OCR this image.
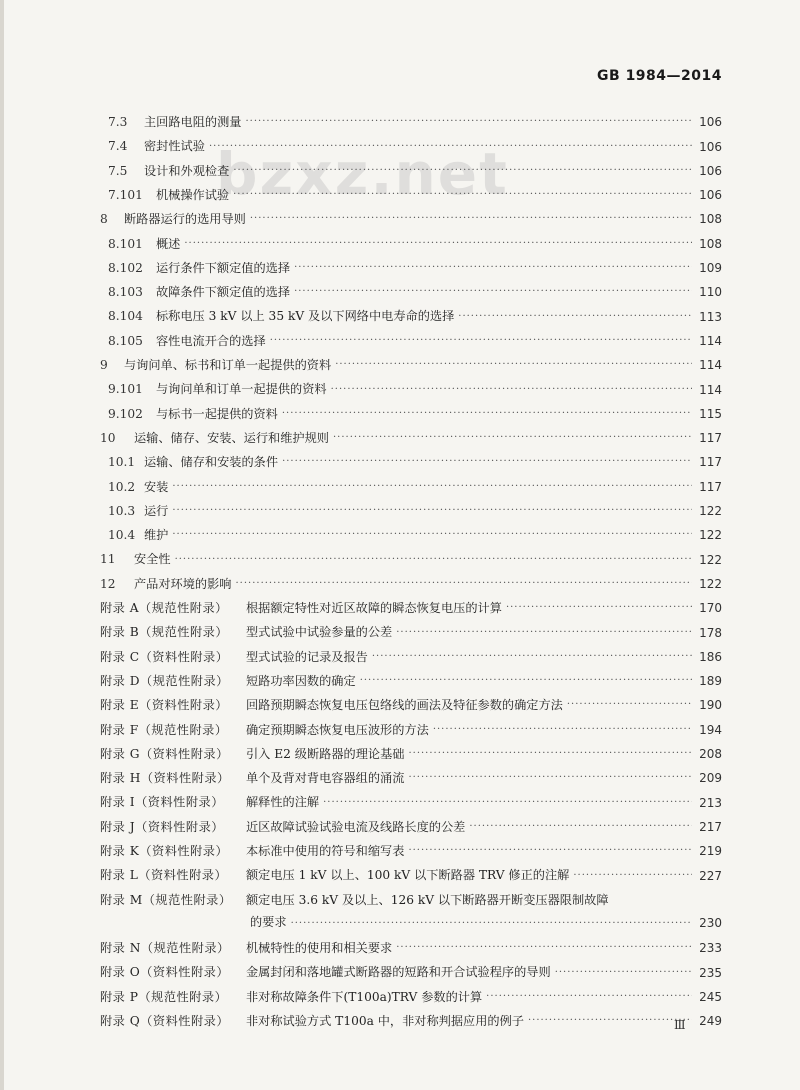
GB 1984—2014
bzxz.net
7.3	主回路电阻的测量 ·····	106
7.4	密封性试验 ·····	106
7.5	设计和外观检查 ·····	106
7.101	机械操作试验 ·····	106
8	断路器运行的选用导则 ·····	108
8.101	概述 ·····	108
8.102	运行条件下额定值的选择 ·····	109
8.103	故障条件下额定值的选择 ·····	110
8.104	标称电压 3 kV 以上 35 kV 及以下网络中电寿命的选择 ·····	113
8.105	容性电流开合的选择 ·····	114
9	与询问单、标书和订单一起提供的资料 ·····	114
9.101	与询问单和订单一起提供的资料 ·····	114
9.102	与标书一起提供的资料 ·····	115
10	运输、储存、安装、运行和维护规则 ·····	117
10.1 运输、储存和安装的条件 ·····	117
10.2 安装 ·····	117
10.3 运行 ·····	122
10.4 维护 ·····	122
11	安全性 ·····	122
12	产品对环境的影响 ·····	122
附录 A（规范性附录）	根据额定特性对近区故障的瞬态恢复电压的计算 ·····	170
附录 B（规范性附录）	型式试验中试验参量的公差 ·····	178
附录 C（资料性附录）	型式试验的记录及报告 ·····	186
附录 D（规范性附录）	短路功率因数的确定 ·····	189
附录 E（资料性附录）	回路预期瞬态恢复电压包络线的画法及特征参数的确定方法 ·····	190
附录 F（规范性附录）	确定预期瞬态恢复电压波形的方法 ·····	194
附录 G（资料性附录）	引入 E2 级断路器的理论基础 ·····	208
附录 H（资料性附录）	单个及背对背电容器组的涌流 ·····	209
附录 I（资料性附录）	解释性的注解 ·····	213
附录 J（资料性附录）	近区故障试验试验电流及线路长度的公差 ·····	217
附录 K（资料性附录）	本标准中使用的符号和缩写表 ·····	219
附录 L（资料性附录）	额定电压 1 kV 以上、100 kV 以下断路器 TRV 修正的注解 ·····	227
附录 M（规范性附录）	额定电压 3.6 kV 及以上、126 kV 以下断路器开断变压器限制故障
的要求 ·····	230
附录 N（规范性附录）	机械特性的使用和相关要求 ·····	233
附录 O（资料性附录）	金属封闭和落地罐式断路器的短路和开合试验程序的导则 ·····	235
附录 P（规范性附录）	非对称故障条件下(T100a)TRV 参数的计算 ·····	245
附录 Q（资料性附录）	非对称试验方式 T100a 中，非对称判据应用的例子 ·····	249
Ⅲ
